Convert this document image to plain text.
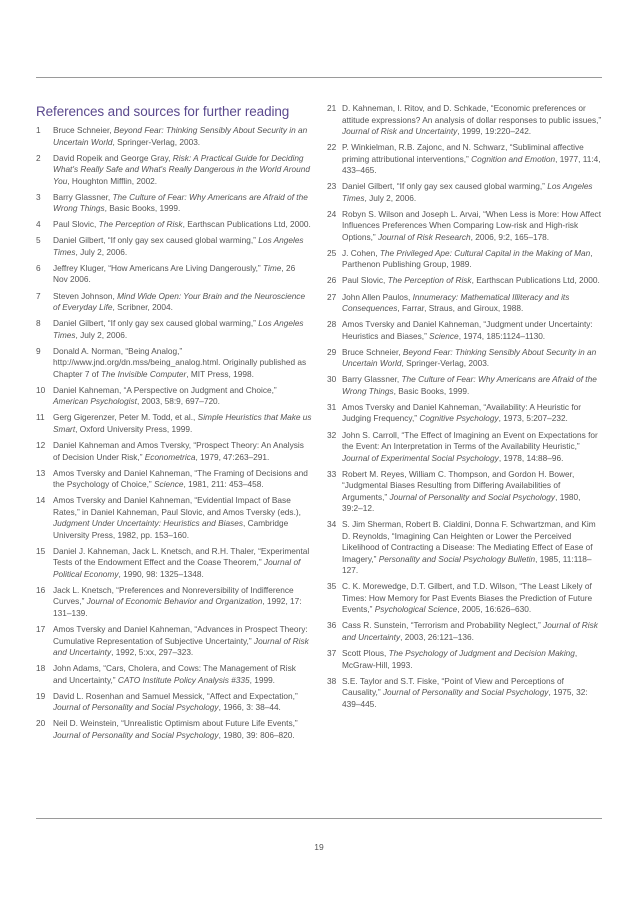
References and sources for further reading
1	Bruce Schneier, Beyond Fear: Thinking Sensibly About Security in an Uncertain World, Springer-Verlag, 2003.
2	David Ropeik and George Gray, Risk: A Practical Guide for Deciding What's Really Safe and What's Really Dangerous in the World Around You, Houghton Mifflin, 2002.
3	Barry Glassner, The Culture of Fear: Why Americans are Afraid of the Wrong Things, Basic Books, 1999.
4	Paul Slovic, The Perception of Risk, Earthscan Publications Ltd, 2000.
5	Daniel Gilbert, “If only gay sex caused global warming,” Los Angeles Times, July 2, 2006.
6	Jeffrey Kluger, “How Americans Are Living Dangerously,” Time, 26 Nov 2006.
7	Steven Johnson, Mind Wide Open: Your Brain and the Neuroscience of Everyday Life, Scribner, 2004.
8	Daniel Gilbert, “If only gay sex caused global warming,” Los Angeles Times, July 2, 2006.
9	Donald A. Norman, “Being Analog,” http://www.jnd.org/dn.mss/being_analog.html. Originally published as Chapter 7 of The Invisible Computer, MIT Press, 1998.
10 Daniel Kahneman, “A Perspective on Judgment and Choice,” American Psychologist, 2003, 58:9, 697–720.
11	Gerg Gigerenzer, Peter M. Todd, et al., Simple Heuristics that Make us Smart, Oxford University Press, 1999.
12 Daniel Kahneman and Amos Tversky, “Prospect Theory: An Analysis of Decision Under Risk,” Econometrica, 1979, 47:263–291.
13 Amos Tversky and Daniel Kahneman, “The Framing of Decisions and the Psychology of Choice,” Science, 1981, 211: 453–458.
14 Amos Tversky and Daniel Kahneman, “Evidential Impact of Base Rates,” in Daniel Kahneman, Paul Slovic, and Amos Tversky (eds.), Judgment Under Uncertainty: Heuristics and Biases, Cambridge University Press, 1982, pp. 153–160.
15 Daniel J. Kahneman, Jack L. Knetsch, and R.H. Thaler, “Experimental Tests of the Endowment Effect and the Coase Theorem,” Journal of Political Economy, 1990, 98: 1325–1348.
16 Jack L. Knetsch, “Preferences and Nonreversibility of Indifference Curves,” Journal of Economic Behavior and Organization, 1992, 17: 131–139.
17 Amos Tversky and Daniel Kahneman, “Advances in Prospect Theory: Cumulative Representation of Subjective Uncertainty,” Journal of Risk and Uncertainty, 1992, 5:xx, 297–323.
18 John Adams, “Cars, Cholera, and Cows: The Management of Risk and Uncertainty,” CATO Institute Policy Analysis #335, 1999.
19 David L. Rosenhan and Samuel Messick, “Affect and Expectation,” Journal of Personality and Social Psychology, 1966, 3: 38–44.
20 Neil D. Weinstein, “Unrealistic Optimism about Future Life Events,” Journal of Personality and Social Psychology, 1980, 39: 806–820.
21 D. Kahneman, I. Ritov, and D. Schkade, “Economic preferences or attitude expressions? An analysis of dollar responses to public issues,” Journal of Risk and Uncertainty, 1999, 19:220–242.
22 P. Winkielman, R.B. Zajonc, and N. Schwarz, “Subliminal affective priming attributional interventions,” Cognition and Emotion, 1977, 11:4, 433–465.
23 Daniel Gilbert, “If only gay sex caused global warming,” Los Angeles Times, July 2, 2006.
24 Robyn S. Wilson and Joseph L. Arvai, “When Less is More: How Affect Influences Preferences When Comparing Low-risk and High-risk Options,” Journal of Risk Research, 2006, 9:2, 165–178.
25 J. Cohen, The Privileged Ape: Cultural Capital in the Making of Man, Parthenon Publishing Group, 1989.
26 Paul Slovic, The Perception of Risk, Earthscan Publications Ltd, 2000.
27 John Allen Paulos, Innumeracy: Mathematical Illiteracy and its Consequences, Farrar, Straus, and Giroux, 1988.
28 Amos Tversky and Daniel Kahneman, “Judgment under Uncertainty: Heuristics and Biases,” Science, 1974, 185:1124–1130.
29 Bruce Schneier, Beyond Fear: Thinking Sensibly About Security in an Uncertain World, Springer-Verlag, 2003.
30 Barry Glassner, The Culture of Fear: Why Americans are Afraid of the Wrong Things, Basic Books, 1999.
31 Amos Tversky and Daniel Kahneman, “Availability: A Heuristic for Judging Frequency,” Cognitive Psychology, 1973, 5:207–232.
32 John S. Carroll, “The Effect of Imagining an Event on Expectations for the Event: An Interpretation in Terms of the Availability Heuristic,” Journal of Experimental Social Psychology, 1978, 14:88–96.
33 Robert M. Reyes, William C. Thompson, and Gordon H. Bower, “Judgmental Biases Resulting from Differing Availabilities of Arguments,” Journal of Personality and Social Psychology, 1980, 39:2–12.
34 S. Jim Sherman, Robert B. Cialdini, Donna F. Schwartzman, and Kim D. Reynolds, “Imagining Can Heighten or Lower the Perceived Likelihood of Contracting a Disease: The Mediating Effect of Ease of Imagery,” Personality and Social Psychology Bulletin, 1985, 11:118–127.
35 C. K. Morewedge, D.T. Gilbert, and T.D. Wilson, “The Least Likely of Times: How Memory for Past Events Biases the Prediction of Future Events,” Psychological Science, 2005, 16:626–630.
36 Cass R. Sunstein, “Terrorism and Probability Neglect,” Journal of Risk and Uncertainty, 2003, 26:121–136.
37 Scott Plous, The Psychology of Judgment and Decision Making, McGraw-Hill, 1993.
38 S.E. Taylor and S.T. Fiske, “Point of View and Perceptions of Causality,” Journal of Personality and Social Psychology, 1975, 32: 439–445.
19
